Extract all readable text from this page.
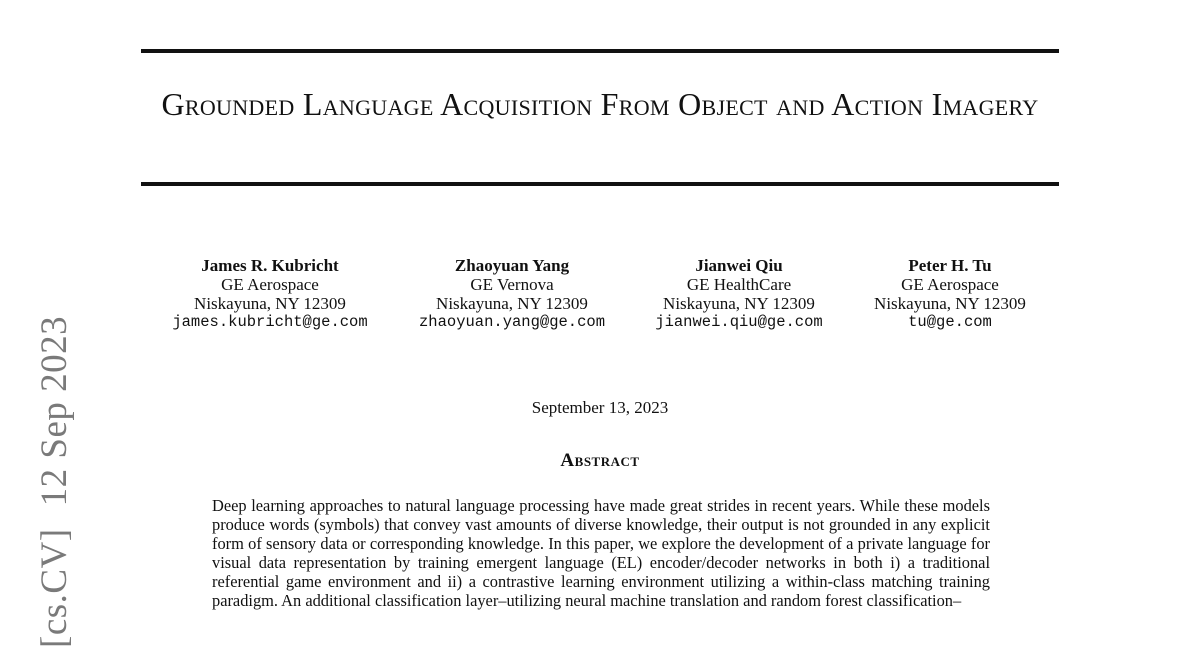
[cs.CV]12 Sep 2023
Grounded Language Acquisition From Object and Action Imagery
James R. Kubricht
GE Aerospace
Niskayuna, NY 12309
james.kubricht@ge.com
Zhaoyuan Yang
GE Vernova
Niskayuna, NY 12309
zhaoyuan.yang@ge.com
Jianwei Qiu
GE HealthCare
Niskayuna, NY 12309
jianwei.qiu@ge.com
Peter H. Tu
GE Aerospace
Niskayuna, NY 12309
tu@ge.com
September 13, 2023
Abstract
Deep learning approaches to natural language processing have made great strides in recent years. While these models produce words (symbols) that convey vast amounts of diverse knowledge, their output is not grounded in any explicit form of sensory data or corresponding knowledge. In this paper, we explore the development of a private language for visual data representation by training emergent language (EL) encoder/decoder networks in both i) a traditional referential game environment and ii) a contrastive learning environment utilizing a within-class matching training paradigm. An additional classification layer–utilizing neural machine translation and random forest classification–
